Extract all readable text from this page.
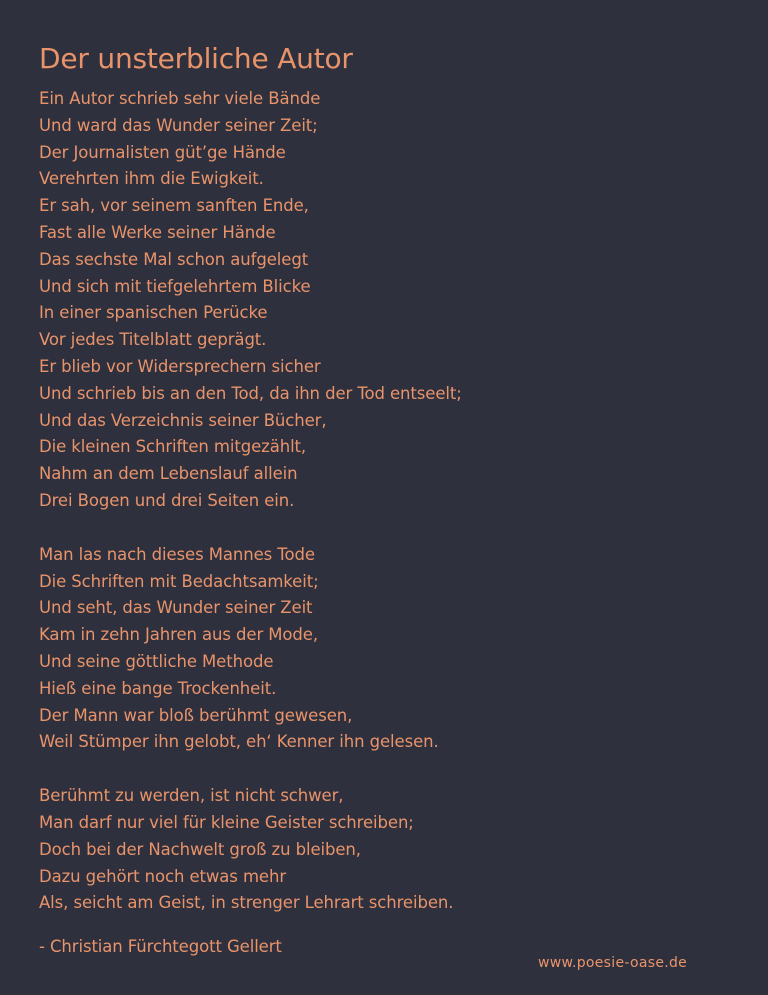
Der unsterbliche Autor
Ein Autor schrieb sehr viele Bände
Und ward das Wunder seiner Zeit;
Der Journalisten güt’ge Hände
Verehrten ihm die Ewigkeit.
Er sah, vor seinem sanften Ende,
Fast alle Werke seiner Hände
Das sechste Mal schon aufgelegt
Und sich mit tiefgelehrtem Blicke
In einer spanischen Perücke
Vor jedes Titelblatt geprägt.
Er blieb vor Widersprechern sicher
Und schrieb bis an den Tod, da ihn der Tod entseelt;
Und das Verzeichnis seiner Bücher,
Die kleinen Schriften mitgezählt,
Nahm an dem Lebenslauf allein
Drei Bogen und drei Seiten ein.
Man las nach dieses Mannes Tode
Die Schriften mit Bedachtsamkeit;
Und seht, das Wunder seiner Zeit
Kam in zehn Jahren aus der Mode,
Und seine göttliche Methode
Hieß eine bange Trockenheit.
Der Mann war bloß berühmt gewesen,
Weil Stümper ihn gelobt, eh‘ Kenner ihn gelesen.
Berühmt zu werden, ist nicht schwer,
Man darf nur viel für kleine Geister schreiben;
Doch bei der Nachwelt groß zu bleiben,
Dazu gehört noch etwas mehr
Als, seicht am Geist, in strenger Lehrart schreiben.
- Christian Fürchtegott Gellert
www.poesie-oase.de
